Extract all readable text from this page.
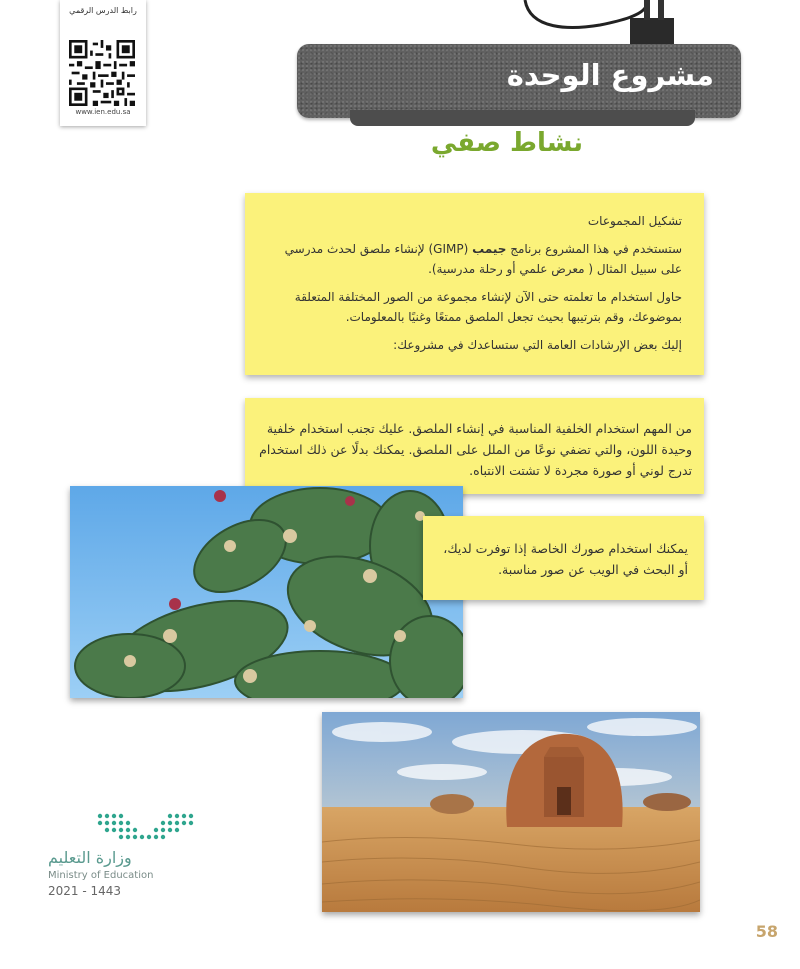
رابط الدرس الرقمي
www.ien.edu.sa
مشروع الوحدة
نشاط صفي

تشكيل المجموعات

ستستخدم في هذا المشروع برنامج جيمب (GIMP) لإنشاء ملصق لحدث مدرسي على سبيل المثال ( معرض علمي أو رحلة مدرسية).

حاول استخدام ما تعلمته حتى الآن لإنشاء مجموعة من الصور المختلفة المتعلقة بموضوعك، وقم بترتيبها بحيث تجعل الملصق ممتعًا وغنيًا بالمعلومات.

إليك بعض الإرشادات العامة التي ستساعدك في مشروعك:

من المهم استخدام الخلفية المناسبة في إنشاء الملصق. عليك تجنب استخدام خلفية وحيدة اللون، والتي تضفي نوعًا من الملل على الملصق. يمكنك بدلًا عن ذلك استخدام تدرج لوني أو صورة مجردة لا تشتت الانتباه.
يمكنك استخدام صورك الخاصة إذا توفرت لديك، أو البحث في الويب عن صور مناسبة.
وزارة التعليم
Ministry of Education
2021 - 1443
58
